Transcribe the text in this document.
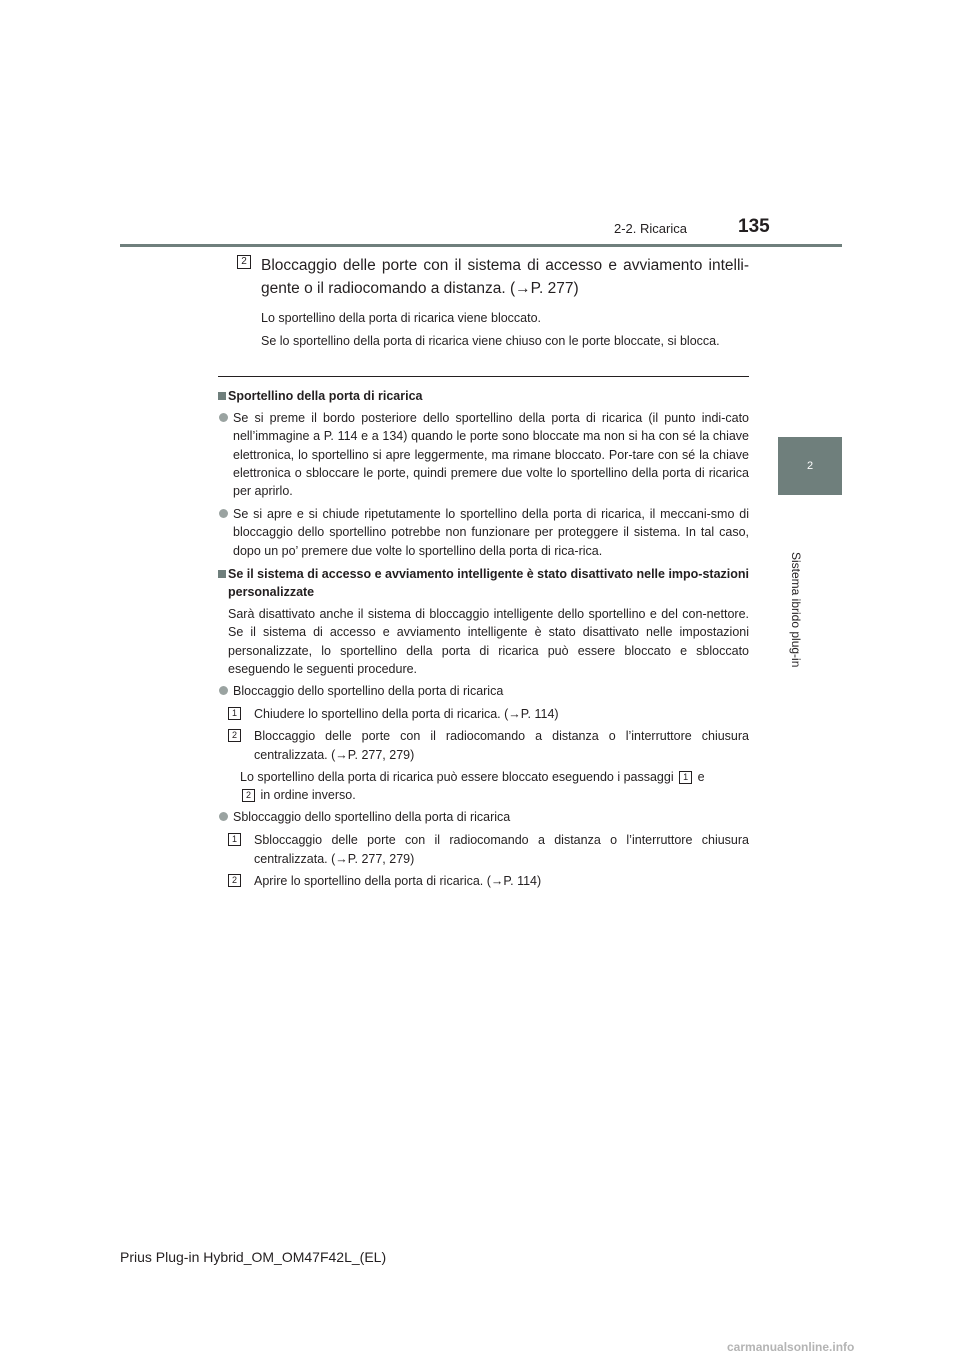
2-2. Ricarica	135
2
Sistema ibrido plug-in
2 Bloccaggio delle porte con il sistema di accesso e avviamento intelli-gente o il radiocomando a distanza. (→P. 277)

Lo sportellino della porta di ricarica viene bloccato.

Se lo sportellino della porta di ricarica viene chiuso con le porte bloccate, si blocca.

Sportellino della porta di ricarica

Se si preme il bordo posteriore dello sportellino della porta di ricarica (il punto indi-cato nell’immagine a P. 114 e a 134) quando le porte sono bloccate ma non si ha con sé la chiave elettronica, lo sportellino si apre leggermente, ma rimane bloccato. Por-tare con sé la chiave elettronica o sbloccare le porte, quindi premere due volte lo sportellino della porta di ricarica per aprirlo.

Se si apre e si chiude ripetutamente lo sportellino della porta di ricarica, il meccani-smo di bloccaggio dello sportellino potrebbe non funzionare per proteggere il sistema. In tal caso, dopo un po’ premere due volte lo sportellino della porta di rica-rica.

Se il sistema di accesso e avviamento intelligente è stato disattivato nelle impo-stazioni personalizzate

Sarà disattivato anche il sistema di bloccaggio intelligente dello sportellino e del con-nettore. Se il sistema di accesso e avviamento intelligente è stato disattivato nelle impostazioni personalizzate, lo sportellino della porta di ricarica può essere bloccato e sbloccato eseguendo le seguenti procedure.

Bloccaggio dello sportellino della porta di ricarica

1	Chiudere lo sportellino della porta di ricarica. (→P. 114)

2	Bloccaggio delle porte con il radiocomando a distanza o l’interruttore chiusura centralizzata. (→P. 277, 279)

Lo sportellino della porta di ricarica può essere bloccato eseguendo i passaggi 1 e
2 in ordine inverso.

Sbloccaggio dello sportellino della porta di ricarica

1	Sbloccaggio delle porte con il radiocomando a distanza o l’interruttore chiusura centralizzata. (→P. 277, 279)

2	Aprire lo sportellino della porta di ricarica. (→P. 114)

Prius Plug-in Hybrid_OM_OM47F42L_(EL)
carmanualsonline.info
